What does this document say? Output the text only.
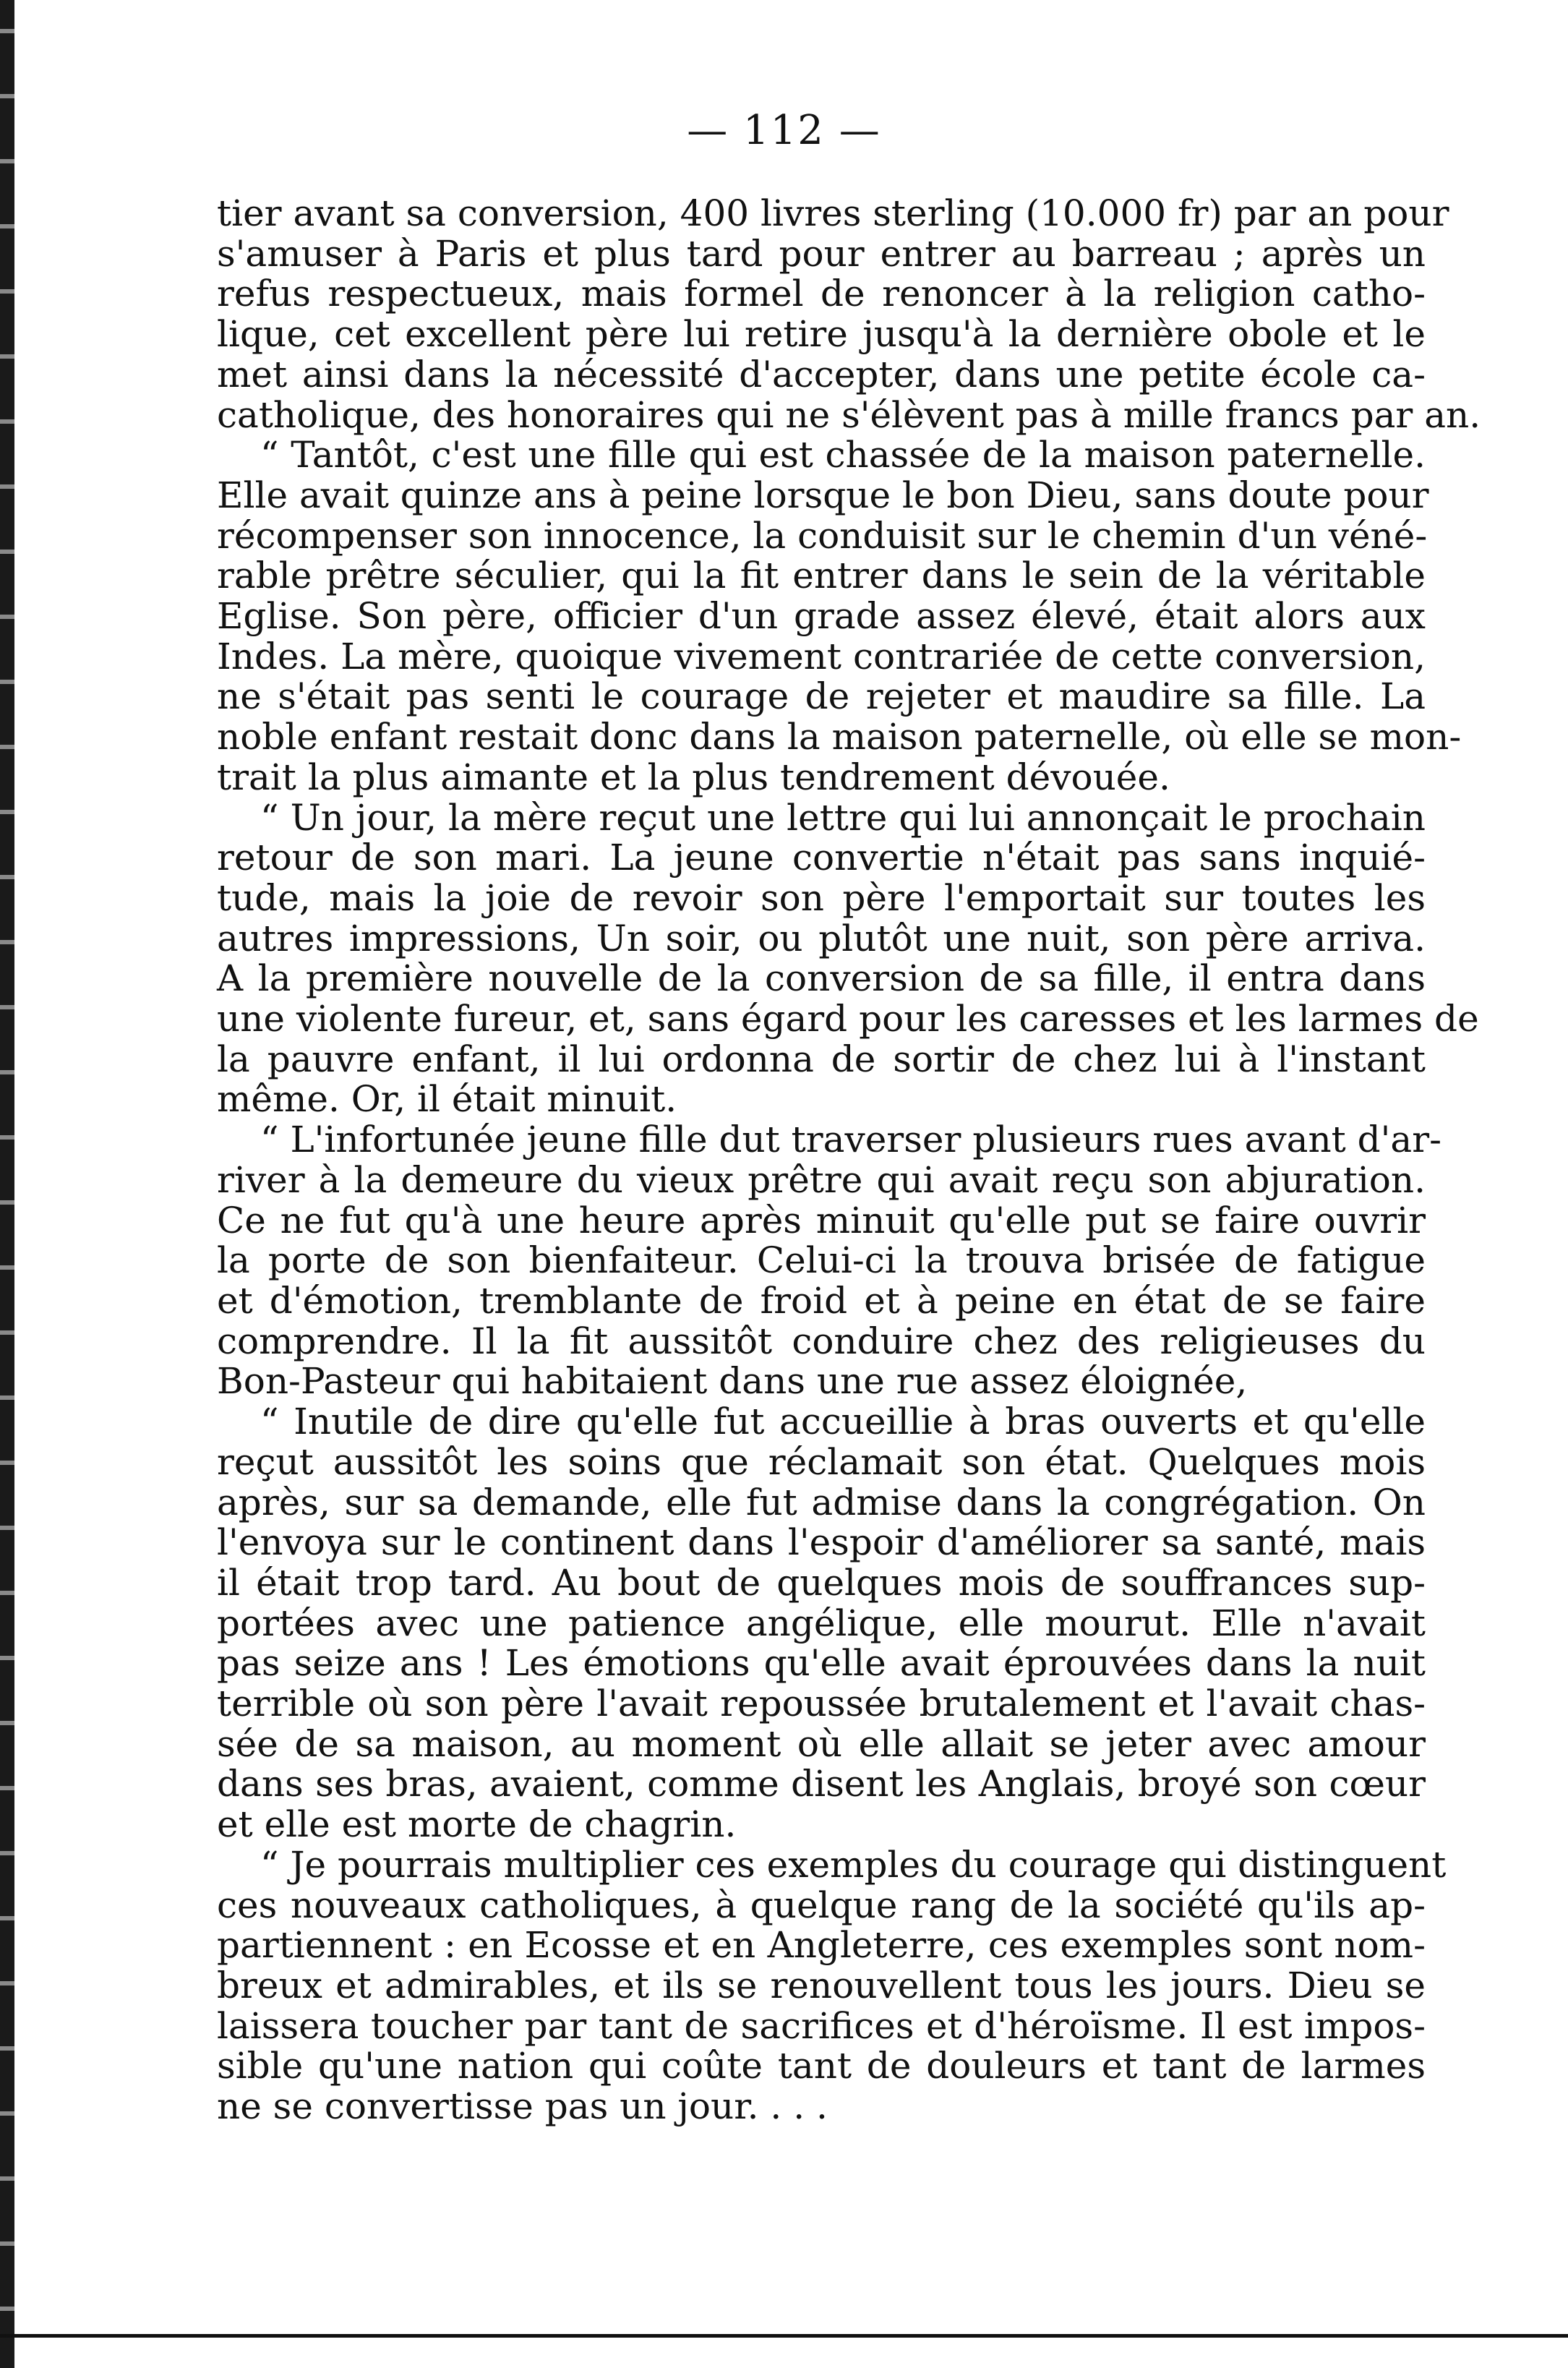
— 112 —
tier avant sa conversion, 400 livres sterling (10.000 fr) par an pour
s'amuser à Paris et plus tard pour entrer au barreau ; après un
refus respectueux, mais formel de renoncer à la religion catho-
lique, cet excellent père lui retire jusqu'à la dernière obole et le
met ainsi dans la nécessité d'accepter, dans une petite école ca-
catholique, des honoraires qui ne s'élèvent pas à mille francs par an.
“ Tantôt, c'est une fille qui est chassée de la maison paternelle.
Elle avait quinze ans à peine lorsque le bon Dieu, sans doute pour
récompenser son innocence, la conduisit sur le chemin d'un véné-
rable prêtre séculier, qui la fit entrer dans le sein de la véritable
Eglise. Son père, officier d'un grade assez élevé, était alors aux
Indes. La mère, quoique vivement contrariée de cette conversion,
ne s'était pas senti le courage de rejeter et maudire sa fille. La
noble enfant restait donc dans la maison paternelle, où elle se mon-
trait la plus aimante et la plus tendrement dévouée.
“ Un jour, la mère reçut une lettre qui lui annonçait le prochain
retour de son mari. La jeune convertie n'était pas sans inquié-
tude, mais la joie de revoir son père l'emportait sur toutes les
autres impressions, Un soir, ou plutôt une nuit, son père arriva.
A la première nouvelle de la conversion de sa fille, il entra dans
une violente fureur, et, sans égard pour les caresses et les larmes de
la pauvre enfant, il lui ordonna de sortir de chez lui à l'instant
même. Or, il était minuit.
“ L'infortunée jeune fille dut traverser plusieurs rues avant d'ar-
river à la demeure du vieux prêtre qui avait reçu son abjuration.
Ce ne fut qu'à une heure après minuit qu'elle put se faire ouvrir
la porte de son bienfaiteur. Celui-ci la trouva brisée de fatigue
et d'émotion, tremblante de froid et à peine en état de se faire
comprendre. Il la fit aussitôt conduire chez des religieuses du
Bon-Pasteur qui habitaient dans une rue assez éloignée,
“ Inutile de dire qu'elle fut accueillie à bras ouverts et qu'elle
reçut aussitôt les soins que réclamait son état. Quelques mois
après, sur sa demande, elle fut admise dans la congrégation. On
l'envoya sur le continent dans l'espoir d'améliorer sa santé, mais
il était trop tard. Au bout de quelques mois de souffrances sup-
portées avec une patience angélique, elle mourut. Elle n'avait
pas seize ans ! Les émotions qu'elle avait éprouvées dans la nuit
terrible où son père l'avait repoussée brutalement et l'avait chas-
sée de sa maison, au moment où elle allait se jeter avec amour
dans ses bras, avaient, comme disent les Anglais, broyé son cœur
et elle est morte de chagrin.
“ Je pourrais multiplier ces exemples du courage qui distinguent
ces nouveaux catholiques, à quelque rang de la société qu'ils ap-
partiennent : en Ecosse et en Angleterre, ces exemples sont nom-
breux et admirables, et ils se renouvellent tous les jours. Dieu se
laissera toucher par tant de sacrifices et d'héroïsme. Il est impos-
sible qu'une nation qui coûte tant de douleurs et tant de larmes
ne se convertisse pas un jour. . . .
